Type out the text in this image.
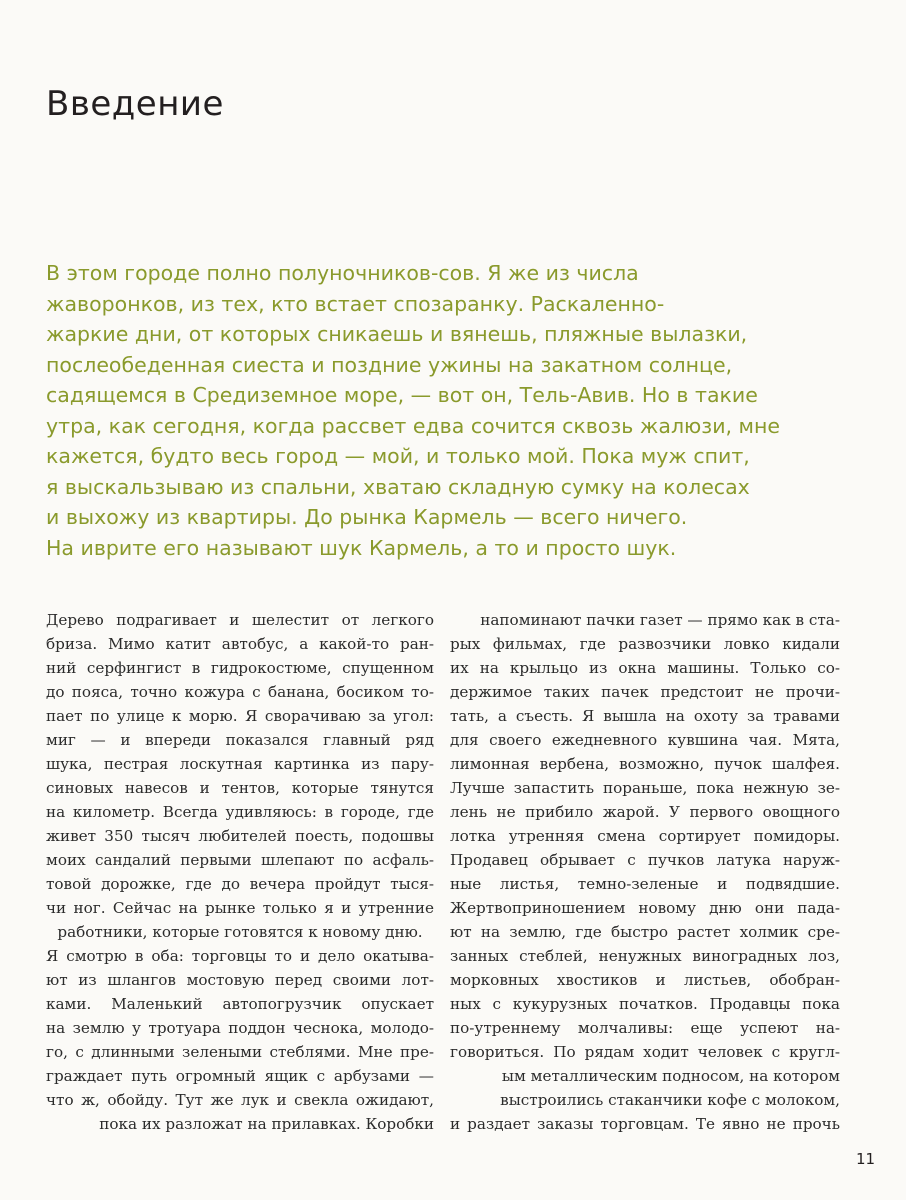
Введение
В этом городе полно полуночников-сов. Я же из числа
жаворонков, из тех, кто встает спозаранку. Раскаленно-
жаркие дни, от которых сникаешь и вянешь, пляжные вылазки,
послеобеденная сиеста и поздние ужины на закатном солнце,
садящемся в Средиземное море, — вот он, Тель-Авив. Но в такие
утра, как сегодня, когда рассвет едва сочится сквозь жалюзи, мне
кажется, будто весь город — мой, и только мой. Пока муж спит,
я выскальзываю из спальни, хватаю складную сумку на колесах
и выхожу из квартиры. До рынка Кармель — всего ничего.
На иврите его называют шук Кармель, а то и просто шук.
Дерево подрагивает и шелестит от легкого
бриза. Мимо катит автобус, а какой-то ран-
ний серфингист в гидрокостюме, спущенном
до пояса, точно кожура с банана, босиком то-
пает по улице к морю. Я сворачиваю за угол:
миг — и впереди показался главный ряд
шука, пестрая лоскутная картинка из пару-
синовых навесов и тентов, которые тянутся
на километр. Всегда удивляюсь: в городе, где
живет 350 тысяч любителей поесть, подошвы
моих сандалий первыми шлепают по асфаль-
товой дорожке, где до вечера пройдут тыся-
чи ног. Сейчас на рынке только я и утренние
работники, которые готовятся к новому дню.
Я смотрю в оба: торговцы то и дело окатыва-
ют из шлангов мостовую перед своими лот-
ками. Маленький автопогрузчик опускает
на землю у тротуара поддон чеснока, молодо-
го, с длинными зелеными стеблями. Мне пре-
граждает путь огромный ящик с арбузами —
что ж, обойду. Тут же лук и свекла ожидают,
пока их разложат на прилавках. Коробки
напоминают пачки газет — прямо как в ста-
рых фильмах, где развозчики ловко кидали
их на крыльцо из окна машины. Только со-
держимое таких пачек предстоит не прочи-
тать, а съесть. Я вышла на охоту за травами
для своего ежедневного кувшина чая. Мята,
лимонная вербена, возможно, пучок шалфея.
Лучше запастить пораньше, пока нежную зе-
лень не прибило жарой. У первого овощного
лотка утренняя смена сортирует помидоры.
Продавец обрывает с пучков латука наруж-
ные листья, темно-зеленые и подвядшие.
Жертвоприношением новому дню они пада-
ют на землю, где быстро растет холмик сре-
занных стеблей, ненужных виноградных лоз,
морковных хвостиков и листьев, обобран-
ных с кукурузных початков. Продавцы пока
по-утреннему молчаливы: еще успеют на-
говориться. По рядам ходит человек с кругл-
ым металлическим подносом, на котором
выстроились стаканчики кофе с молоком,
и раздает заказы торговцам. Те явно не прочь
11
